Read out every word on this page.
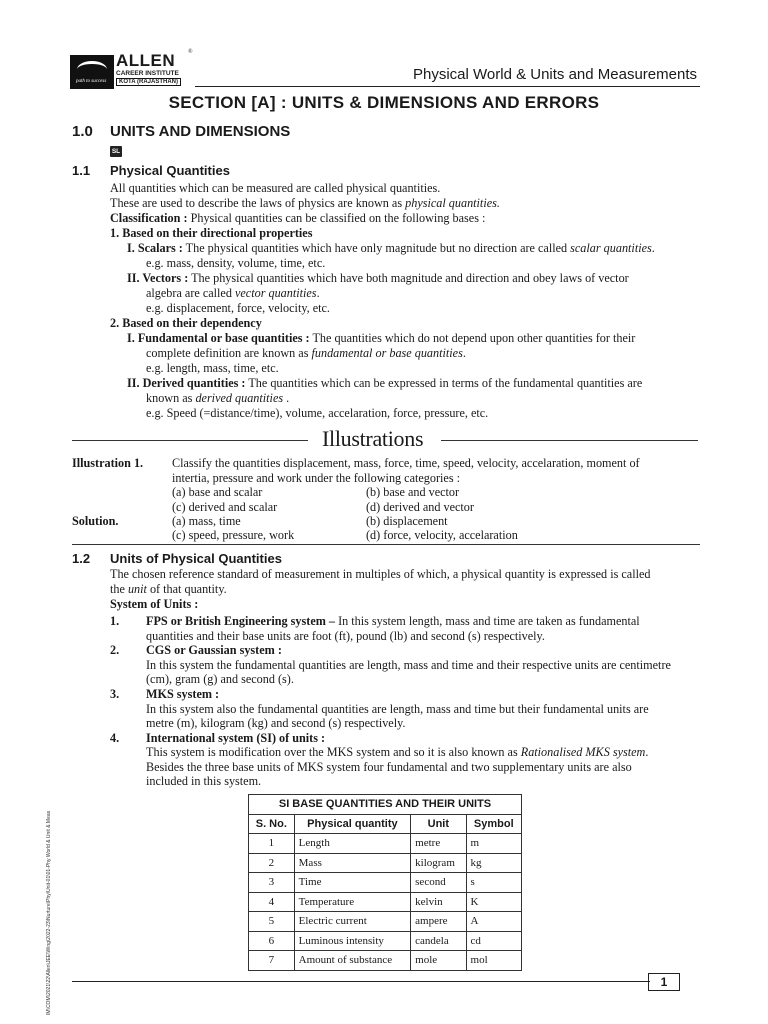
path to success
ALLEN ®
CAREER INSTITUTE
KOTA (RAJASTHAN)	Physical World & Units and Measurements
SECTION [A] : UNITS & DIMENSIONS AND ERRORS
1.0 UNITS AND DIMENSIONS
SL
1.1 Physical Quantities

All quantities which can be measured are called physical quantities.

These are used to describe the laws of physics are known as physical quantities.

Classification : Physical quantities can be classified on the following bases :

1. Based on their directional properties

I. Scalars : The physical quantities which have only magnitude but no direction are called scalar quantities.

e.g. mass, density, volume, time, etc.

II. Vectors : The physical quantities which have both magnitude and direction and obey laws of vector

algebra are called vector quantities.

e.g. displacement, force, velocity, etc.

2. Based on their dependency

I. Fundamental or base quantities : The quantities which do not depend upon other quantities for their

complete definition are known as fundamental or base quantities.

e.g. length, mass, time, etc.

II. Derived quantities : The quantities which can be expressed in terms of the fundamental quantities are

known as derived quantities .

e.g. Speed (=distance/time), volume, accelaration, force, pressure, etc.

Illustrations
Illustration 1. Classify the quantities displacement, mass, force, time, speed, velocity, accelaration, moment of
intertia, pressure and work under the following categories :
(a) base and scalar	(b) base and vector
(c) derived and scalar	(d) derived and vector
Solution.	(a) mass, time	(b) displacement
(c) speed, pressure, work	(d) force, velocity, accelaration
1.2 Units of Physical Quantities

The chosen reference standard of measurement in multiples of which, a physical quantity is expressed is called

the unit of that quantity.

System of Units :

1. FPS or British Engineering system – In this system length, mass and time are taken as fundamental
quantities and their base units are foot (ft), pound (lb) and second (s) respectively.
2. CGS or Gaussian system :
In this system the fundamental quantities are length, mass and time and their respective units are centimetre
(cm), gram (g) and second (s).
3. MKS system :
In this system also the fundamental quantities are length, mass and time but their fundamental units are
metre (m), kilogram (kg) and second (s) respectively.
4. International system (SI) of units :
This system is modification over the MKS system and so it is also known as Rationalised MKS system.
Besides the three base units of MKS system four fundamental and two supplementary units are also
included in this system.
SI BASE QUANTITIES AND THEIR UNITS			
S. No.	Physical quantity	Unit	Symbol
1	Length	metre	m
2	Mass	kilogram	kg
3	Time	second	s
4	Temperature	kelvin	K
5	Electric current	ampere	A
6	Luminous intensity	candela	cd
7	Amount of substance	mole	mol
IM\COM\2021\22\Allen\JEE\Wing\2022-23\Nurture\Phy\Unit-01\01-Phy World & Unit & Meas	1
